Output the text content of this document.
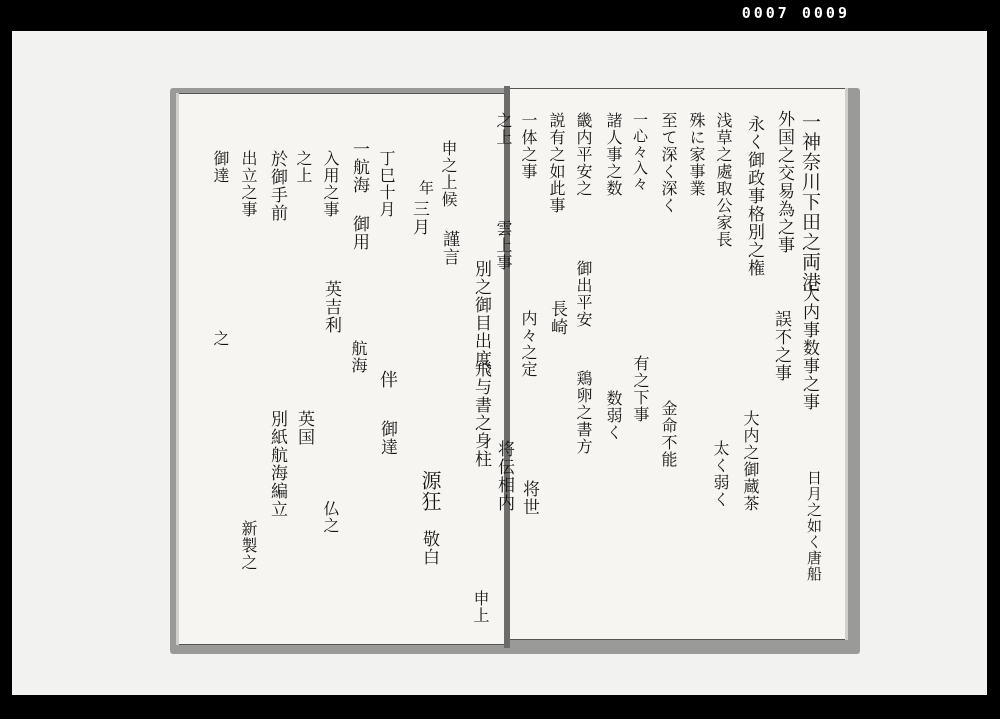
0007 0009
一神奈川下田之両港
大内事数事之事
日月之如く唐船
外国之交易為之事
誤不之事
永く御政事格別之権
大内之御蔵茶
浅草之處取公家長
太く弱く
殊に家事業
至て深く深く
金命不能
一心々入々
有之下事
諸人事之数
数弱く
畿内平安之
御出平安
鶏卵之書方
説有之如此事
長崎
一体之事
内々之定
将世
之上
雲上事
将伝相内
別之御目出度
飛与書之身柱
申上
申之上候
謹言
年
三月
源狂
敬白
丁巳十月
伴
御達
一航海
御用
航海
入用之事
英吉利
仏之
之上
英国
於御手前
別紙航海編立
出立之事
新製之
御達
之
